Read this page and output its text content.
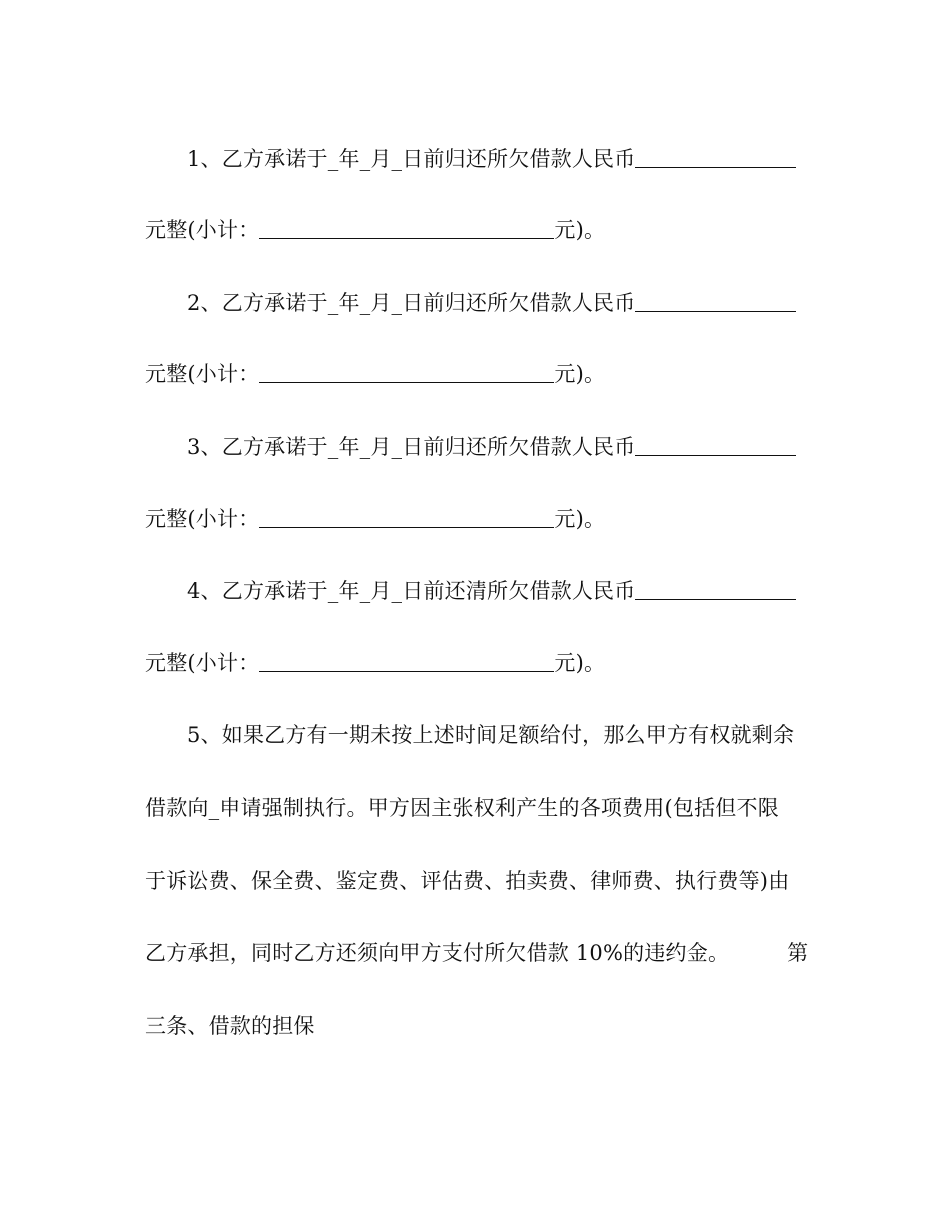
1、乙方承诺于_年_月_日前归还所欠借款人民币
元整(小计：	元)。
2、乙方承诺于_年_月_日前归还所欠借款人民币
元整(小计：	元)。
3、乙方承诺于_年_月_日前归还所欠借款人民币
元整(小计：	元)。
4、乙方承诺于_年_月_日前还清所欠借款人民币
元整(小计：	元)。
5、如果乙方有一期未按上述时间足额给付，那么甲方有权就剩余
借款向_申请强制执行。甲方因主张权利产生的各项费用(包括但不限
于诉讼费、保全费、鉴定费、评估费、拍卖费、律师费、执行费等)由
乙方承担，同时乙方还须向甲方支付所欠借款 10%的违约金。	第
三条、借款的担保
